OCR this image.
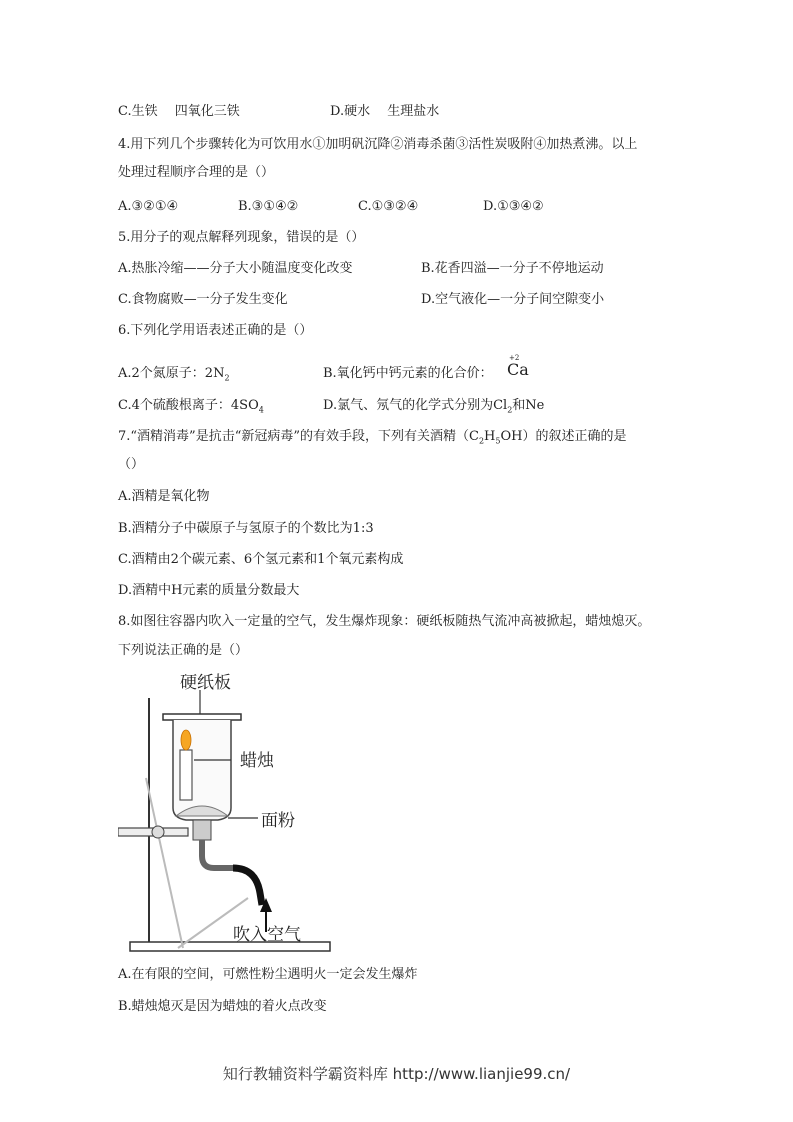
C.生铁　 四氧化三铁	D.硬水　 生理盐水
4.用下列几个步骤转化为可饮用水①加明矾沉降②消毒杀菌③活性炭吸附④加热煮沸。以上
处理过程顺序合理的是（）
A.③②①④	B.③①④②	C.①③②④	D.①③④②
5.用分子的观点解释列现象，错误的是（）
A.热胀冷缩——分子大小随温度变化改变	B.花香四溢—一分子不停地运动
C.食物腐败—一分子发生变化	D.空气液化—一分子间空隙变小
6.下列化学用语表述正确的是（）
A.2个氮原子：$2N_2$	B.氧化钙中钙元素的化合价：
+2
Ca
C.4个硫酸根离子：$4SO_4$	D.氯气、氖气的化学式分别为$Cl_2$和Ne
7.“酒精消毒”是抗击“新冠病毒”的有效手段，下列有关酒精$(C_2H_5OH)$的叙述正确的是
（）
A.酒精是氧化物
B.酒精分子中碳原子与氢原子的个数比为1:3
C.酒精由2个碳元素、6个氢元素和1个氧元素构成
D.酒精中H元素的质量分数最大
8.如图往容器内吹入一定量的空气，发生爆炸现象：硬纸板随热气流冲高被掀起，蜡烛熄灭。
下列说法正确的是（）
硬纸板
蜡烛
面粉
吹入空气
A.在有限的空间，可燃性粉尘遇明火一定会发生爆炸
B.蜡烛熄灭是因为蜡烛的着火点改变
知行教辅资料学霸资料库 http://www.lianjie99.cn/
